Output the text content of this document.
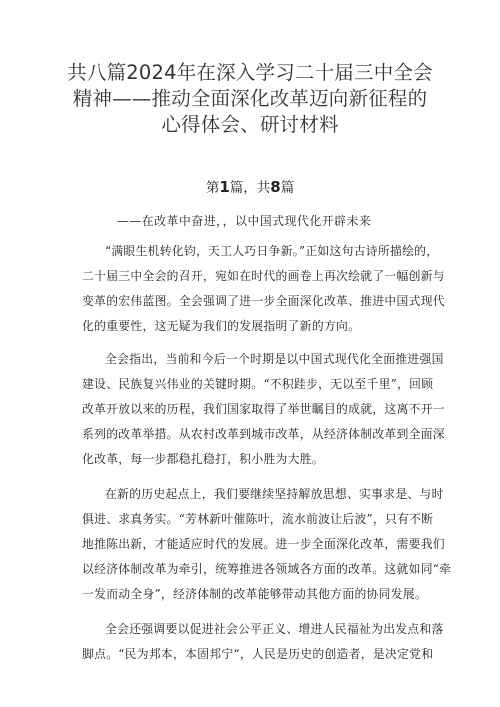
共八篇2024年在深入学习二十届三中全会
精神——推动全面深化改革迈向新征程的
心得体会、研讨材料
第1篇，共8篇
——在改革中奋进，，以中国式现代化开辟未来
“满眼生机转化钧，天工人巧日争新。”正如这句古诗所描绘的，
二十届三中全会的召开，宛如在时代的画卷上再次绘就了一幅创新与
变革的宏伟蓝图。全会强调了进一步全面深化改革、推进中国式现代
化的重要性，这无疑为我们的发展指明了新的方向。
全会指出，当前和今后一个时期是以中国式现代化全面推进强国
建设、民族复兴伟业的关键时期。“不积跬步，无以至千里”，回顾
改革开放以来的历程，我们国家取得了举世瞩目的成就，这离不开一
系列的改革举措。从农村改革到城市改革，从经济体制改革到全面深
化改革，每一步都稳扎稳打，积小胜为大胜。
在新的历史起点上，我们要继续坚持解放思想、实事求是、与时
俱进、求真务实。“芳林新叶催陈叶，流水前波让后波”，只有不断
地推陈出新，才能适应时代的发展。进一步全面深化改革，需要我们
以经济体制改革为牵引，统筹推进各领域各方面的改革。这就如同“牵
一发而动全身”，经济体制的改革能够带动其他方面的协同发展。
全会还强调要以促进社会公平正义、增进人民福祉为出发点和落
脚点。“民为邦本，本固邦宁“，人民是历史的创造者，是决定党和
